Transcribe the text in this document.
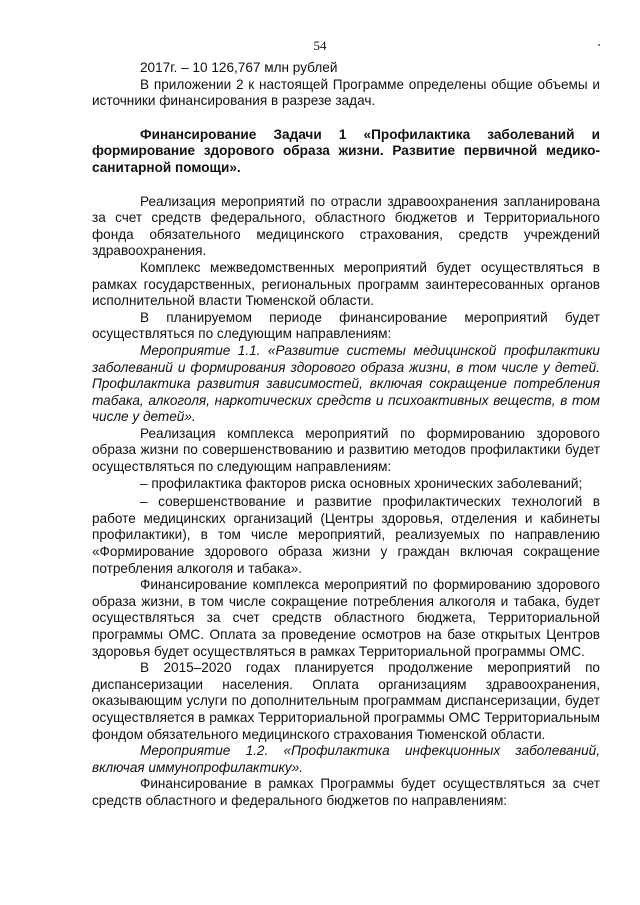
54

2017г. – 10 126,767 млн рублей

В приложении 2 к настоящей Программе определены общие объемы и источники финансирования в разрезе задач.

Финансирование Задачи 1 «Профилактика заболеваний и формирование здорового образа жизни. Развитие первичной медико-санитарной помощи».

Реализация мероприятий по отрасли здравоохранения запланирована за счет средств федерального, областного бюджетов и Территориального фонда обязательного медицинского страхования, средств учреждений здравоохранения.

Комплекс межведомственных мероприятий будет осуществляться в рамках государственных, региональных программ заинтересованных органов исполнительной власти Тюменской области.

В планируемом периоде финансирование мероприятий будет осуществляться по следующим направлениям:

Мероприятие 1.1. «Развитие системы медицинской профилактики заболеваний и формирования здорового образа жизни, в том числе у детей. Профилактика развития зависимостей, включая сокращение потребления табака, алкоголя, наркотических средств и психоактивных веществ, в том числе у детей».

Реализация комплекса мероприятий по формированию здорового образа жизни по совершенствованию и развитию методов профилактики будет осуществляться по следующим направлениям:

– профилактика факторов риска основных хронических заболеваний;

– совершенствование и развитие профилактических технологий в работе медицинских организаций (Центры здоровья, отделения и кабинеты профилактики), в том числе мероприятий, реализуемых по направлению «Формирование здорового образа жизни у граждан включая сокращение потребления алкоголя и табака».

Финансирование комплекса мероприятий по формированию здорового образа жизни, в том числе сокращение потребления алкоголя и табака, будет осуществляться за счет средств областного бюджета, Территориальной программы ОМС. Оплата за проведение осмотров на базе открытых Центров здоровья будет осуществляться в рамках Территориальной программы ОМС.

В 2015–2020 годах планируется продолжение мероприятий по диспансеризации населения. Оплата организациям здравоохранения, оказывающим услуги по дополнительным программам диспансеризации, будет осуществляется в рамках Территориальной программы ОМС Территориальным фондом обязательного медицинского страхования Тюменской области.

Мероприятие 1.2. «Профилактика инфекционных заболеваний, включая иммунопрофилактику».

Финансирование в рамках Программы будет осуществляться за счет средств областного и федерального бюджетов по направлениям:
